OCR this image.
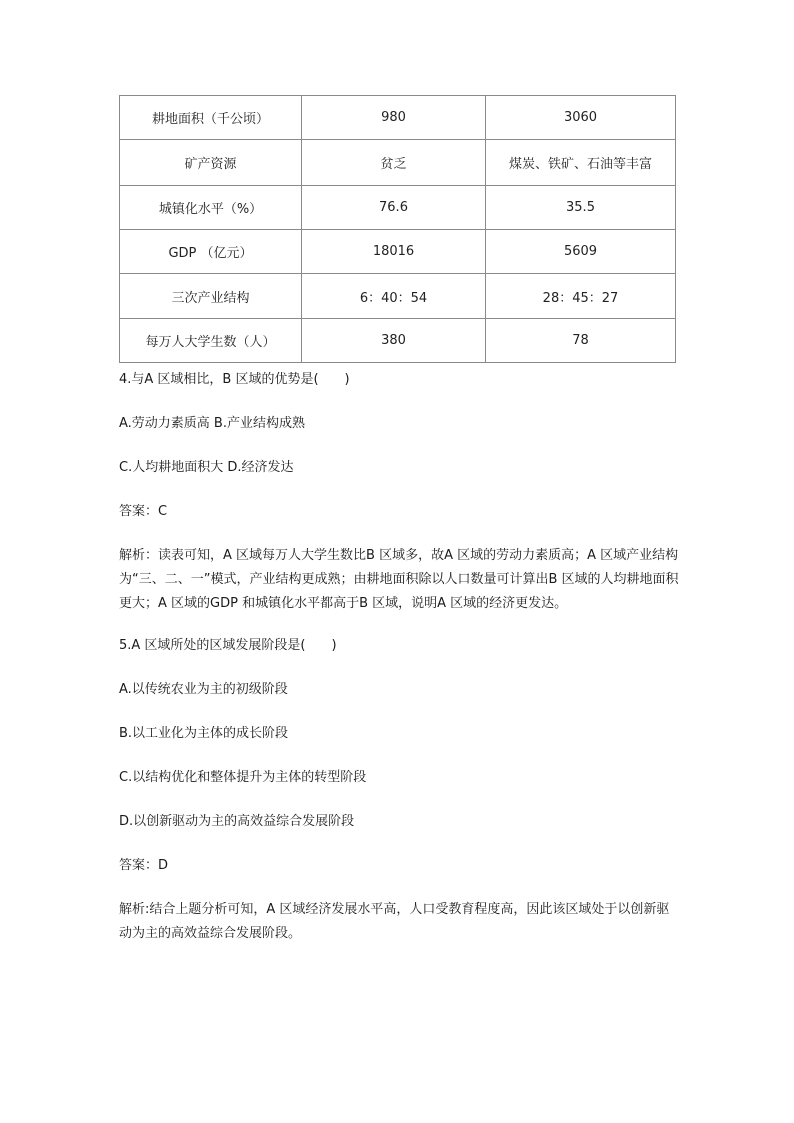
耕地面积（千公顷）	980	3060
矿产资源	贫乏	煤炭、铁矿、石油等丰富
城镇化水平（%）	76.6	35.5
GDP （亿元）	18016	5609
三次产业结构	6：40：54	28：45：27
每万人大学生数（人）	380	78

4.与A 区域相比，B 区域的优势是(　　)

A.劳动力素质高 B.产业结构成熟

C.人均耕地面积大 D.经济发达

答案：C

解析：读表可知，A 区域每万人大学生数比B 区域多，故A 区域的劳动力素质高；A 区域产业结构为“三、二、一”模式，产业结构更成熟；由耕地面积除以人口数量可计算出B 区域的人均耕地面积更大；A 区域的GDP 和城镇化水平都高于B 区域，说明A 区域的经济更发达。

5.A 区域所处的区域发展阶段是(　　)

A.以传统农业为主的初级阶段

B.以工业化为主体的成长阶段

C.以结构优化和整体提升为主体的转型阶段

D.以创新驱动为主的高效益综合发展阶段

答案：D

解析:结合上题分析可知，A 区域经济发展水平高，人口受教育程度高，因此该区域处于以创新驱动为主的高效益综合发展阶段。
